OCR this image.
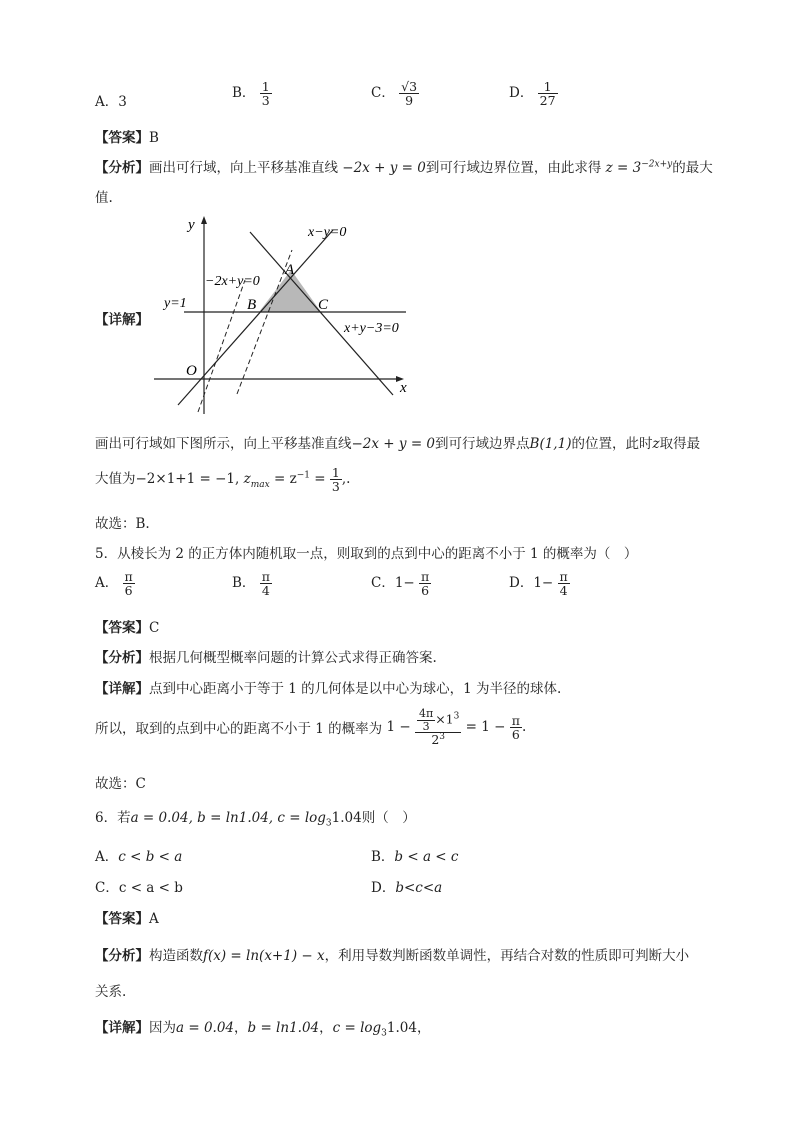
A．3
B． $\frac{1}{3}$	C． $\frac{√3}{9}$	D． $\frac{1}{27}$
【答案】B
【分析】画出可行域，向上平移基准直线 −2x + y = 0到可行域边界位置，由此求得 $z = 3^{-2x+y}$的最大
值.
【详解】
y
x
O
x−y=0
−2x+y=0
y=1
x+y−3=0
A
B	C
画出可行域如下图所示，向上平移基准直线−2x + y = 0到可行域边界点B(1,1)的位置，此时z取得最
大值为−2×1+1 = −1, $z_{max} = z^{-1} = \frac{1}{3}$ ,.
故选：B.
5．从棱长为 2 的正方体内随机取一点，则取到的点到中心的距离不小于 1 的概率为（　）
A． $\frac{\pi}{6}$	B． $\frac{\pi}{4}$	C．$1- \frac{\pi}{6}$	D．$1- \frac{\pi}{4}$
【答案】C
【分析】根据几何概型概率问题的计算公式求得正确答案.
【详解】点到中心距离小于等于 1 的几何体是以中心为球心，1 为半径的球体.
所以，取到的点到中心的距离不小于 1 的概率为 $1 - \frac{\frac{4\pi}{3} \times 1^3}{2^3} = 1 - \frac{\pi}{6}$ .
故选：C
6．若a = 0.04, b = ln1.04, $c = \log_31.04$则（　）
A．c < b < a	B．b < a < c
C．c < a < b	D．b<c<a
【答案】A
【分析】构造函数f(x) = ln(x+1) − x，利用导数判断函数单调性，再结合对数的性质即可判断大小
关系.
【详解】因为a = 0.04，b = ln1.04，$c = \log_31.04$，
